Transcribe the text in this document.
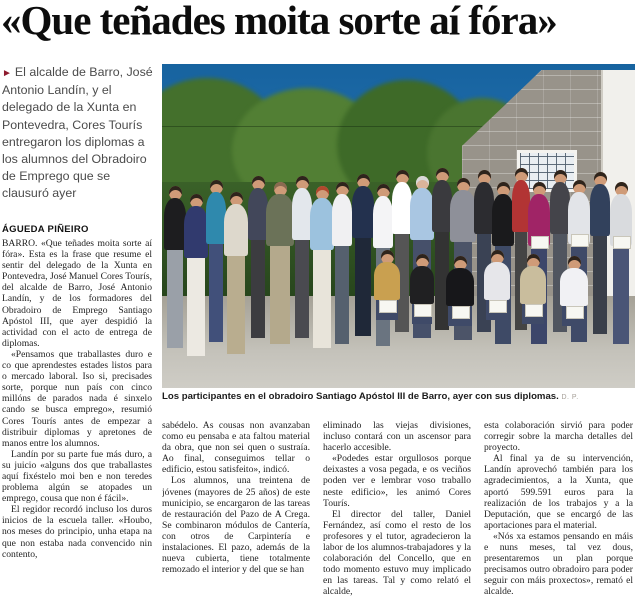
«Que teñades moita sorte aí fóra»
► El alcalde de Barro, José Antonio Landín, y el delegado de la Xunta en Pontevedra, Cores Tourís entregaron los diplomas a los alumnos del Obradoiro de Emprego que se clausuró ayer
ÁGUEDA PIÑEIRO

BARRO. «Que teñades moita sorte aí fóra». Esta es la frase que resume el sentir del delegado de la Xunta en Pontevedra, José Manuel Cores Tourís, del alcalde de Barro, José Antonio Landín, y de los formadores del Obradoiro de Emprego Santiago Apóstol III, que ayer despidió la actividad con el acto de entrega de diplomas.

«Pensamos que traballastes duro e co que aprendestes estades listos para o mercado laboral. Iso si, precisades sorte, porque nun país con cinco millóns de parados nada é sinxelo cando se busca emprego», resumió Cores Tourís antes de empezar a distribuir diplomas y apretones de manos entre los alumnos.

Landín por su parte fue más duro, a su juicio «alguns dos que traballastes aquí fixéstelo moi ben e non teredes problema algún se atopades un emprego, cousa que non é fácil».

El regidor recordó incluso los duros inicios de la escuela taller. «Houbo, nos meses do principio, unha etapa na que non estaba nada convencido nin contento,

Los participantes en el obradoiro Santiago Apóstol III de Barro, ayer con sus diplomas. D. P.

sabédelo. As cousas non avanzaban como eu pensaba e ata faltou material da obra, que non sei quen o sustraía. Ao final, conseguimos tellar o edificio, estou satisfeito», indicó.

Los alumnos, una treintena de jóvenes (mayores de 25 años) de este municipio, se encargaron de las tareas de restauración del Pazo de A Crega. Se combinaron módulos de Cantería, con otros de Carpintería e instalaciones. El pazo, además de la nueva cubierta, tiene totalmente remozado el interior y del que se han

eliminado las viejas divisiones, incluso contará con un ascensor para hacerlo accesible.

«Podedes estar orgullosos porque deixastes a vosa pegada, e os veciños poden ver e lembrar voso traballo neste edificio», les animó Cores Tourís.

El director del taller, Daniel Fernández, así como el resto de los profesores y el tutor, agradecieron la labor de los alumnos-trabajadores y la colaboración del Concello, que en todo momento estuvo muy implicado en las tareas. Tal y como relató el alcalde,

esta colaboración sirvió para poder corregir sobre la marcha detalles del proyecto.

Al final ya de su intervención, Landín aprovechó también para los agradecimientos, a la Xunta, que aportó 599.591 euros para la realización de los trabajos y a la Deputación, que se encargó de las aportaciones para el material.

«Nós xa estamos pensando en máis e nuns meses, tal vez dous, presentaremos un plan porque precisamos outro obradoiro para poder seguir con máis proxectos», remató el alcalde.
